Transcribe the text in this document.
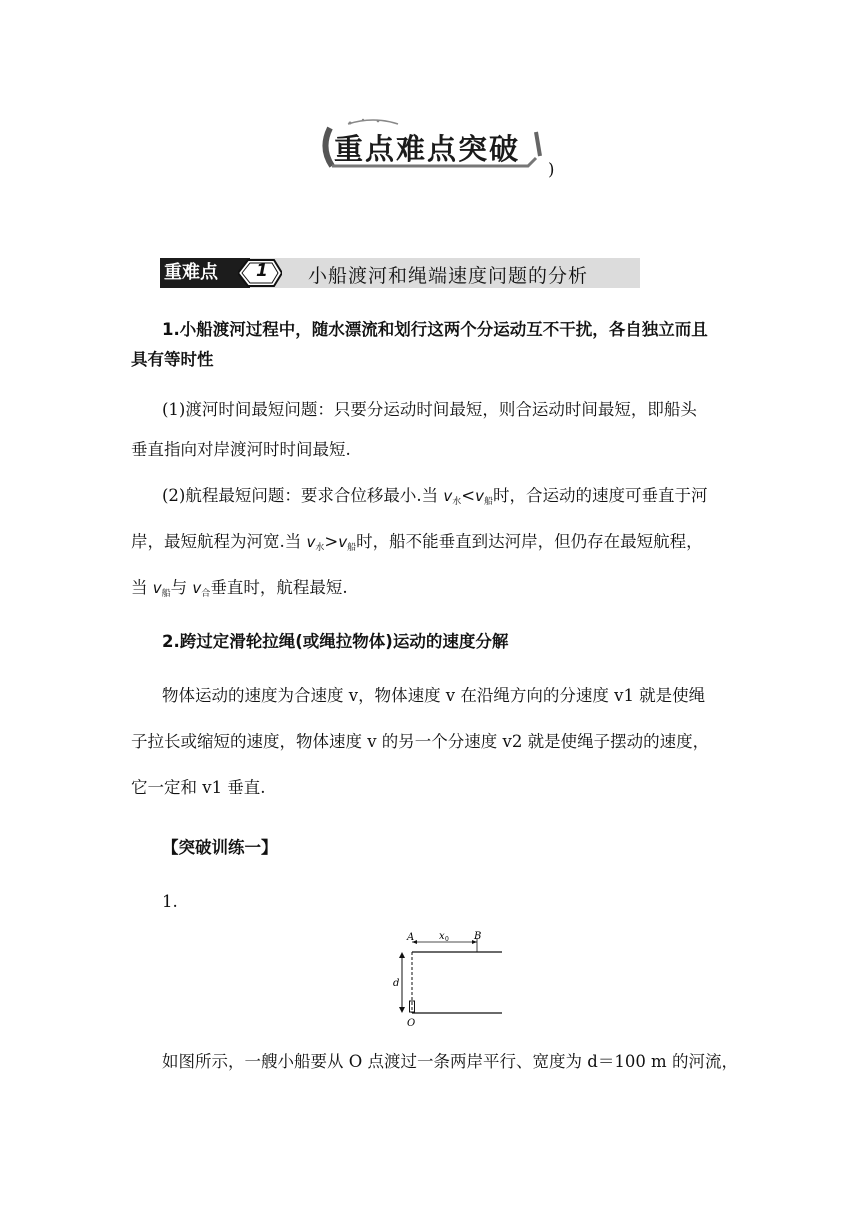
重点难点突破
)
重难点	1 小船渡河和绳端速度问题的分析
1.小船渡河过程中，随水漂流和划行这两个分运动互不干扰，各自独立而且
具有等时性
(1)渡河时间最短问题：只要分运动时间最短，则合运动时间最短，即船头
垂直指向对岸渡河时时间最短.
(2)航程最短问题：要求合位移最小.当 $v_水<v_船$时，合运动的速度可垂直于河
岸，最短航程为河宽.当 $v_水>v_船$时，船不能垂直到达河岸，但仍存在最短航程，
当 $v_船$与 $v_合$垂直时，航程最短.
2.跨过定滑轮拉绳(或绳拉物体)运动的速度分解
物体运动的速度为合速度 v，物体速度 v 在沿绳方向的分速度 v1 就是使绳
子拉长或缩短的速度，物体速度 v 的另一个分速度 v2 就是使绳子摆动的速度，
它一定和 v1 垂直.
【突破训练一】
1.
A	B
x 0
d
O
如图所示，一艘小船要从 O 点渡过一条两岸平行、宽度为 d＝100 m 的河流，
